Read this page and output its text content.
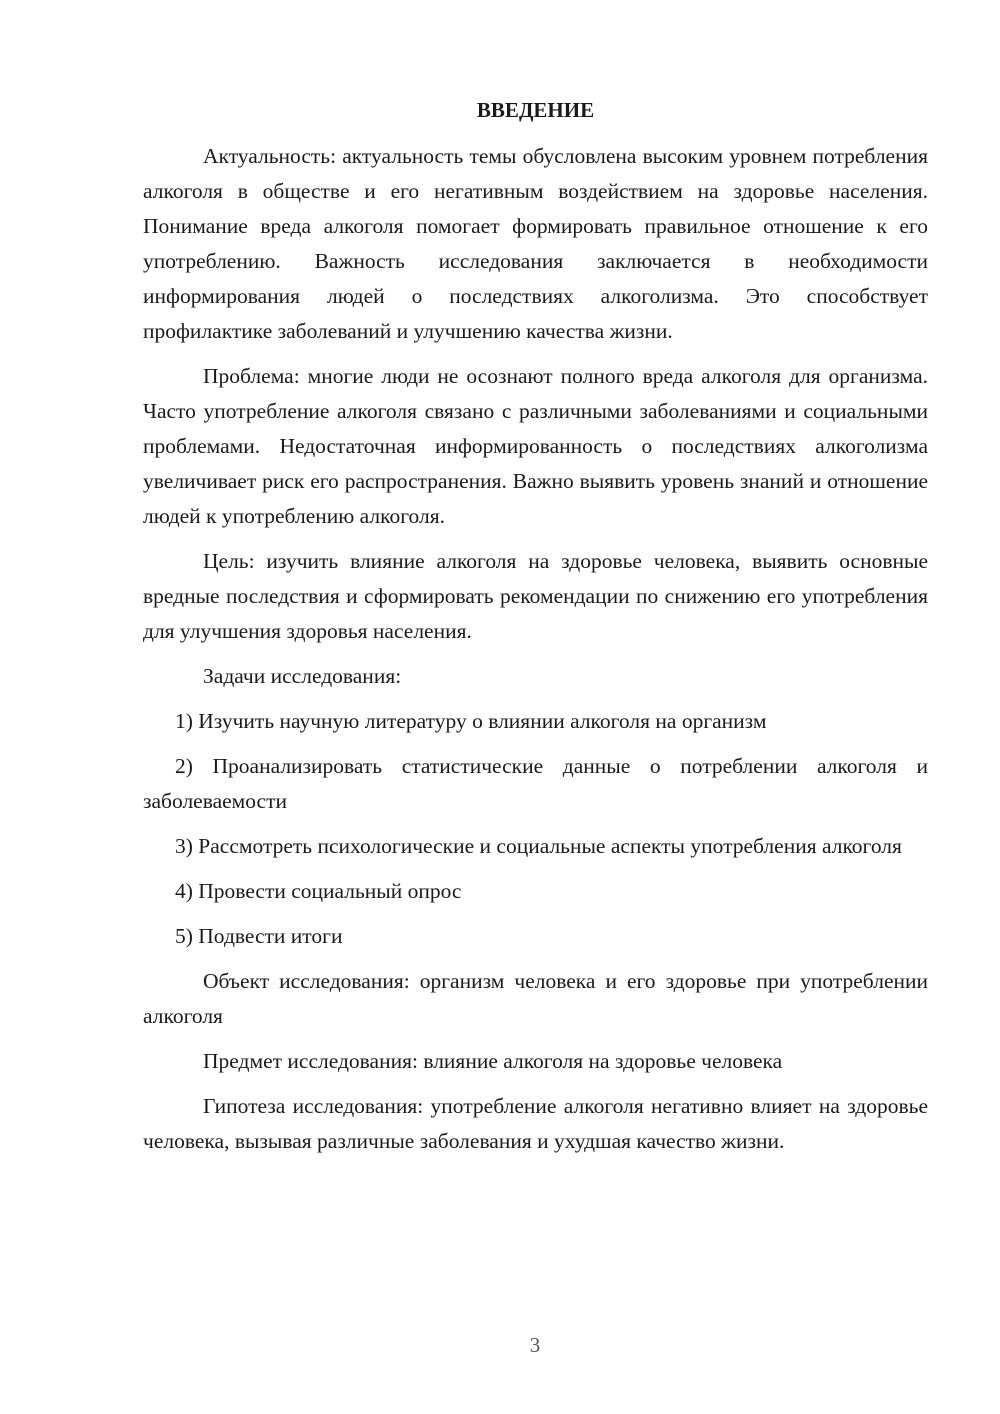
ВВЕДЕНИЕ

Актуальность: актуальность темы обусловлена высоким уровнем потребления алкоголя в обществе и его негативным воздействием на здоровье населения. Понимание вреда алкоголя помогает формировать правильное отношение к его употреблению. Важность исследования заключается в необходимости информирования людей о последствиях алкоголизма. Это способствует профилактике заболеваний и улучшению качества жизни.

Проблема: многие люди не осознают полного вреда алкоголя для организма. Часто употребление алкоголя связано с различными заболеваниями и социальными проблемами. Недостаточная информированность о последствиях алкоголизма увеличивает риск его распространения. Важно выявить уровень знаний и отношение людей к употреблению алкоголя.

Цель: изучить влияние алкоголя на здоровье человека, выявить основные вредные последствия и сформировать рекомендации по снижению его употребления для улучшения здоровья населения.

Задачи исследования:

1) Изучить научную литературу о влиянии алкоголя на организм

2) Проанализировать статистические данные о потреблении алкоголя и заболеваемости

3) Рассмотреть психологические и социальные аспекты употребления алкоголя

4) Провести социальный опрос

5) Подвести итоги

Объект исследования: организм человека и его здоровье при употреблении алкоголя

Предмет исследования: влияние алкоголя на здоровье человека

Гипотеза исследования: употребление алкоголя негативно влияет на здоровье человека, вызывая различные заболевания и ухудшая качество жизни.

3
